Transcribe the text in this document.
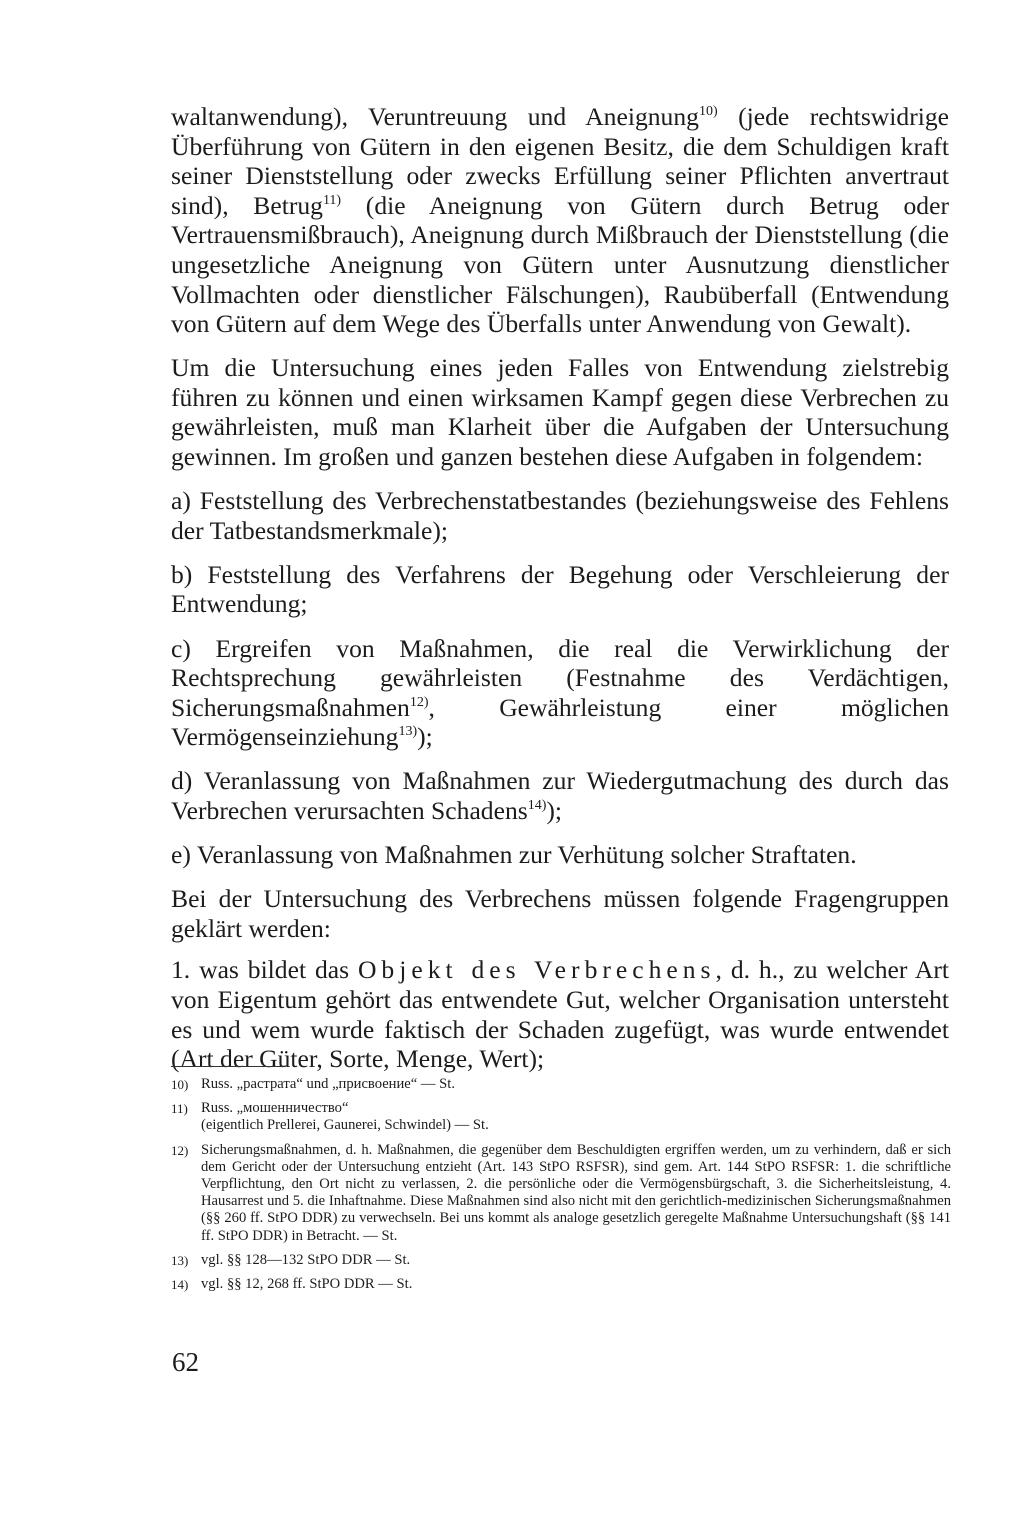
waltanwendung), Veruntreuung und Aneignung$^{10)}$ (jede rechtswidrige Überführung von Gütern in den eigenen Besitz, die dem Schuldigen kraft seiner Dienststellung oder zwecks Erfüllung seiner Pflichten anvertraut sind), Betrug$^{11)}$ (die Aneignung von Gütern durch Betrug oder Vertrauensmißbrauch), Aneignung durch Mißbrauch der Dienststellung (die ungesetzliche Aneignung von Gütern unter Ausnutzung dienstlicher Vollmachten oder dienstlicher Fälschungen), Raubüberfall (Entwendung von Gütern auf dem Wege des Überfalls unter Anwendung von Gewalt).

Um die Untersuchung eines jeden Falles von Entwendung zielstrebig führen zu können und einen wirksamen Kampf gegen diese Verbrechen zu gewährleisten, muß man Klarheit über die Aufgaben der Untersuchung gewinnen. Im großen und ganzen bestehen diese Aufgaben in folgendem:

a) Feststellung des Verbrechenstatbestandes (beziehungsweise des Fehlens der Tatbestandsmerkmale);

b) Feststellung des Verfahrens der Begehung oder Verschleierung der Entwendung;

c) Ergreifen von Maßnahmen, die real die Verwirklichung der Rechtsprechung gewährleisten (Festnahme des Verdächtigen, Sicherungsmaßnahmen$^{12)}$, Gewährleistung einer möglichen Vermögenseinziehung$^{13)}$);

d) Veranlassung von Maßnahmen zur Wiedergutmachung des durch das Verbrechen verursachten Schadens$^{14)}$);

e) Veranlassung von Maßnahmen zur Verhütung solcher Straftaten.

Bei der Untersuchung des Verbrechens müssen folgende Fragengruppen geklärt werden:

1. was bildet das Objekt des Verbrechens, d. h., zu welcher Art von Eigentum gehört das entwendete Gut, welcher Organisation untersteht es und wem wurde faktisch der Schaden zugefügt, was wurde entwendet (Art der Güter, Sorte, Menge, Wert);

10) Russ. „растрата“ und „присвоение“ — St.
11) Russ. „мошенничество“
(eigentlich Prellerei, Gaunerei, Schwindel) — St.
12) Sicherungsmaßnahmen, d. h. Maßnahmen, die gegenüber dem Beschuldigten ergriffen werden, um zu verhindern, daß er sich dem Gericht oder der Untersuchung entzieht (Art. 143 StPO RSFSR), sind gem. Art. 144 StPO RSFSR: 1. die schriftliche Verpflichtung, den Ort nicht zu verlassen, 2. die persönliche oder die Vermögensbürgschaft, 3. die Sicherheitsleistung, 4. Hausarrest und 5. die Inhaftnahme. Diese Maßnahmen sind also nicht mit den gerichtlich-medizinischen Sicherungsmaßnahmen (§§ 260 ff. StPO DDR) zu verwechseln. Bei uns kommt als analoge gesetzlich geregelte Maßnahme Untersuchungshaft (§§ 141 ff. StPO DDR) in Betracht. — St.
13) vgl. §§ 128—132 StPO DDR — St.
14) vgl. §§ 12, 268 ff. StPO DDR — St.
62
